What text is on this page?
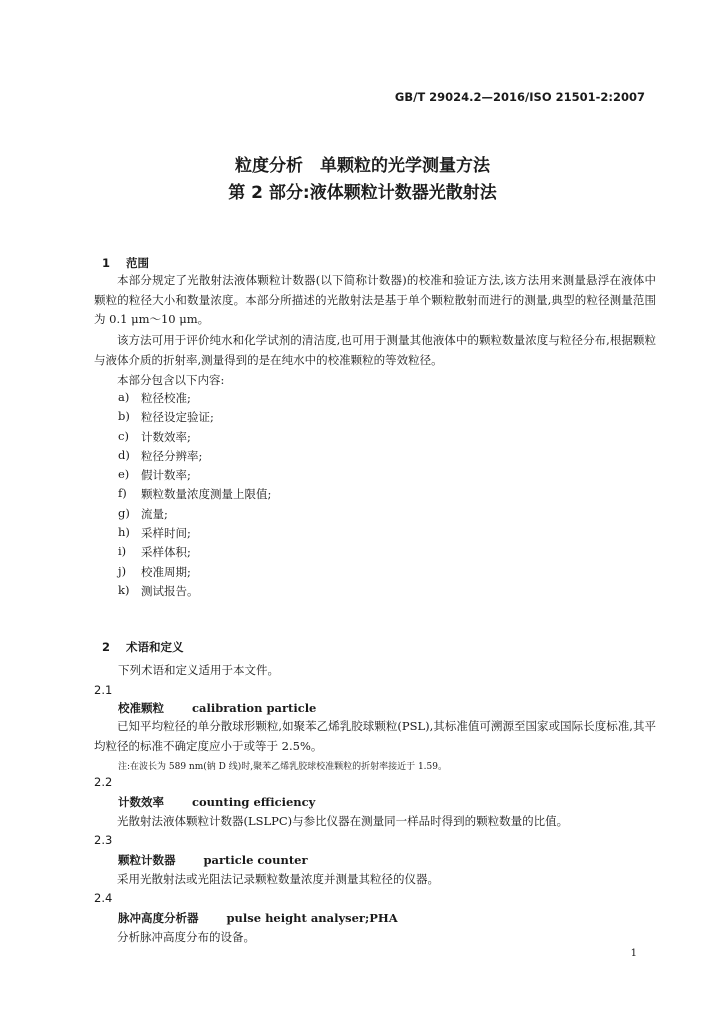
GB/T 29024.2—2016/ISO 21501-2:2007
粒度分析　单颗粒的光学测量方法
第 2 部分:液体颗粒计数器光散射法

1 范围

本部分规定了光散射法液体颗粒计数器(以下简称计数器)的校准和验证方法,该方法用来测量悬浮在液体中颗粒的粒径大小和数量浓度。本部分所描述的光散射法是基于单个颗粒散射而进行的测量,典型的粒径测量范围为 0.1 μm～10 μm。
该方法可用于评价纯水和化学试剂的清洁度,也可用于测量其他液体中的颗粒数量浓度与粒径分布,根据颗粒与液体介质的折射率,测量得到的是在纯水中的校准颗粒的等效粒径。
本部分包含以下内容:
a)	粒径校准;
b) 粒径设定验证;
c)	计数效率;
d) 粒径分辨率;
e)	假计数率;
f)	颗粒数量浓度测量上限值;
g) 流量;
h) 采样时间;
i)	采样体积;
j)	校准周期;
k)	测试报告。

2 术语和定义

下列术语和定义适用于本文件。
2.1
校准颗粒 calibration particle
已知平均粒径的单分散球形颗粒,如聚苯乙烯乳胶球颗粒(PSL),其标准值可溯源至国家或国际长度标准,其平均粒径的标准不确定度应小于或等于 2.5%。
注:在波长为 589 nm(钠 D 线)时,聚苯乙烯乳胶球校准颗粒的折射率接近于 1.59。
2.2
计数效率 counting efficiency
光散射法液体颗粒计数器(LSLPC)与参比仪器在测量同一样品时得到的颗粒数量的比值。
2.3
颗粒计数器 particle counter
采用光散射法或光阻法记录颗粒数量浓度并测量其粒径的仪器。
2.4
脉冲高度分析器 pulse height analyser;PHA
分析脉冲高度分布的设备。
1
